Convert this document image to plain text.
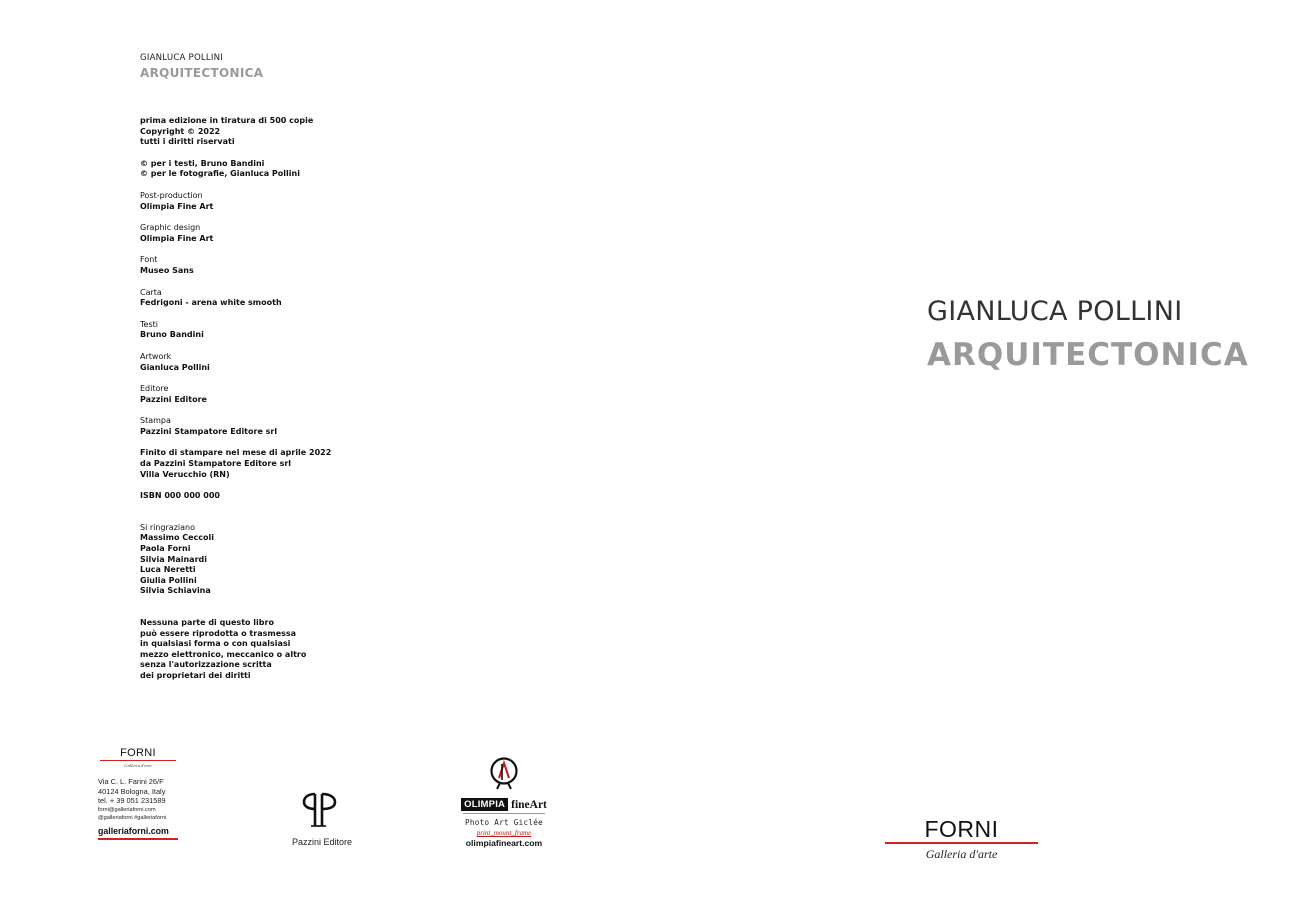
GIANLUCA POLLINI
ARQUITECTONICA
prima edizione in tiratura di 500 copie
Copyright © 2022
tutti i diritti riservati
© per i testi, Bruno Bandini
© per le fotografie, Gianluca Pollini
Post-production
Olimpia Fine Art
Graphic design
Olimpia Fine Art
Font
Museo Sans
Carta
Fedrigoni - arena white smooth
Testi
Bruno Bandini
Artwork
Gianluca Pollini
Editore
Pazzini Editore
Stampa
Pazzini Stampatore Editore srl
Finito di stampare nel mese di aprile 2022
da Pazzini Stampatore Editore srl
Villa Verucchio (RN)
ISBN 000 000 000
Si ringraziano
Massimo Ceccoli
Paola Forni
Silvia Mainardi
Luca Neretti
Giulia Pollini
Silvia Schiavina
Nessuna parte di questo libro
può essere riprodotta o trasmessa
in qualsiasi forma o con qualsiasi
mezzo elettronico, meccanico o altro
senza l'autorizzazione scritta
dei proprietari dei diritti
FORNI
Galleria d'arte
Via C. L. Farini 26/F
40124 Bologna, Italy
tel. + 39 051 231589
forni@galleriaforni.com
@galleriaforni #galleriaforni
galleriaforni.com
Pazzini Editore
OLIMPIA fineArt
Photo Art Giclée
print_mount_frame
olimpiafineart.com
GIANLUCA POLLINI
ARQUITECTONICA
FORNI
Galleria d'arte
